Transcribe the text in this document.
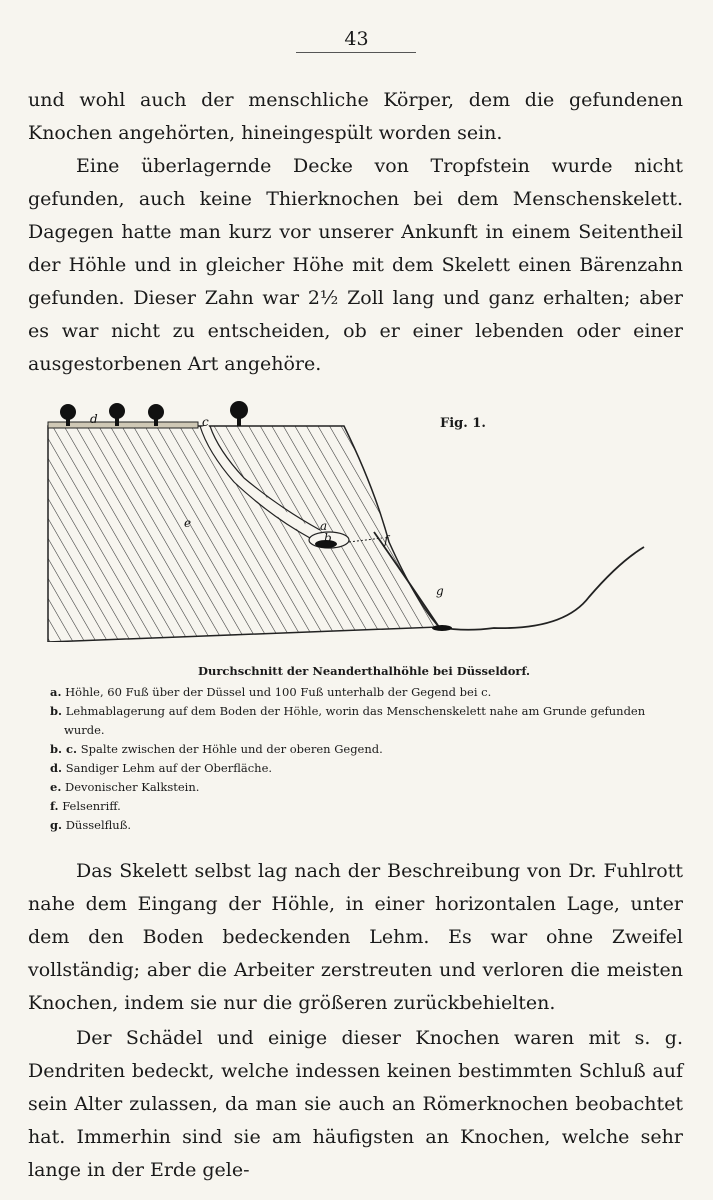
43

und wohl auch der menschliche Körper, dem die gefundenen Knochen angehörten, hineingespült worden sein.

Eine überlagernde Decke von Tropfstein wurde nicht gefunden, auch keine Thierknochen bei dem Menschenskelett. Dagegen hatte man kurz vor unserer Ankunft in einem Seitentheil der Höhle und in gleicher Höhe mit dem Skelett einen Bärenzahn gefunden. Dieser Zahn war 2½ Zoll lang und ganz erhalten; aber es war nicht zu entscheiden, ob er einer lebenden oder einer ausgestorbenen Art angehöre.

d	c
e	a
b	f
g
Fig. 1.
Durchschnitt der Neanderthalhöhle bei Düsseldorf.
a. Höhle, 60 Fuß über der Düssel und 100 Fuß unterhalb der Gegend bei c.
b. Lehmablagerung auf dem Boden der Höhle, worin das Menschenskelett nahe am Grunde gefunden wurde.
b. c. Spalte zwischen der Höhle und der oberen Gegend.
d. Sandiger Lehm auf der Oberfläche.
e. Devonischer Kalkstein.
f. Felsenriff.
g. Düsselfluß.

Das Skelett selbst lag nach der Beschreibung von Dr. Fuhlrott nahe dem Eingang der Höhle, in einer horizontalen Lage, unter dem den Boden bedeckenden Lehm. Es war ohne Zweifel vollständig; aber die Arbeiter zerstreuten und verloren die meisten Knochen, indem sie nur die größeren zurückbehielten.

Der Schädel und einige dieser Knochen waren mit s. g. Dendriten bedeckt, welche indessen keinen bestimmten Schluß auf sein Alter zulassen, da man sie auch an Römerknochen beobachtet hat. Immerhin sind sie am häufigsten an Knochen, welche sehr lange in der Erde gele-
